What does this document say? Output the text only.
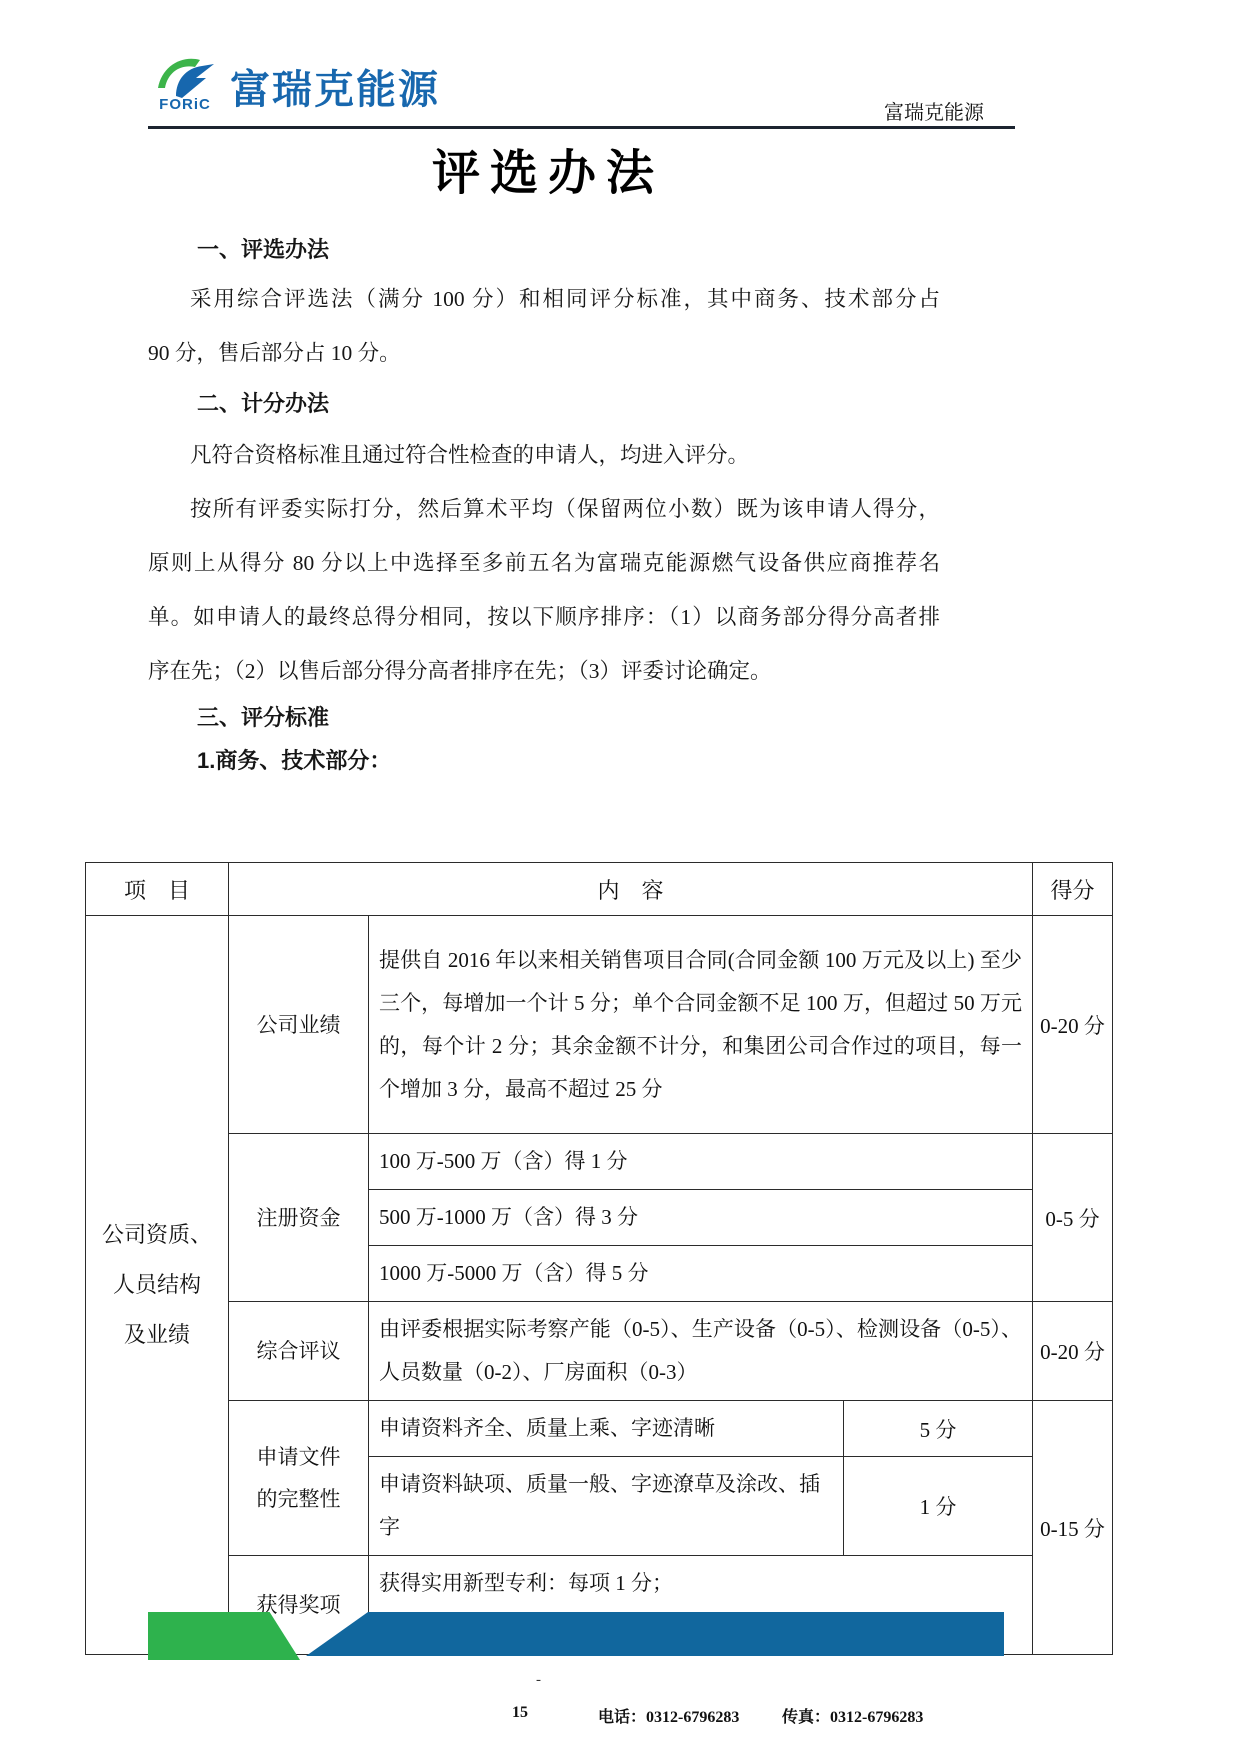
FORiC 富瑞克能源
富瑞克能源
评选办法
一、评选办法
采用综合评选法（满分 100 分）和相同评分标准，其中商务、技术部分占
90 分，售后部分占 10 分。
二、计分办法
凡符合资格标准且通过符合性检查的申请人，均进入评分。
按所有评委实际打分，然后算术平均（保留两位小数）既为该申请人得分，
原则上从得分 80 分以上中选择至多前五名为富瑞克能源燃气设备供应商推荐名
单。如申请人的最终总得分相同，按以下顺序排序：（1）以商务部分得分高者排
序在先；（2）以售后部分得分高者排序在先；（3）评委讨论确定。
三、评分标准
1.商务、技术部分：
项　目	内　容			得分

公司资质、
人员结构
及业绩	公司业绩	提供自 2016 年以来相关销售项目合同(合同金额 100 万元及以上) 至少三个，每增加一个计 5 分；单个合同金额不足 100 万，但超过 50 万元的，每个计 2 分；其余金额不计分，和集团公司合作过的项目，每一个增加 3 分，最高不超过 25 分		0-20 分
	注册资金	100 万-500 万（含）得 1 分		0-5 分
		500 万-1000 万（含）得 3 分		
		1000 万-5000 万（含）得 5 分		
	综合评议	由评委根据实际考察产能（0-5）、生产设备（0-5）、检测设备（0-5）、人员数量（0-2）、厂房面积（0-3）		0-20 分
	申请文件的完整性	申请资料齐全、质量上乘、字迹清晰	5 分	0-15 分
		申请资料缺项、质量一般、字迹潦草及涂改、插字	1 分	
	获得奖项	获得实用新型专利：每项 1 分；		
-
15	电话：0312-6796283	传真：0312-6796283
